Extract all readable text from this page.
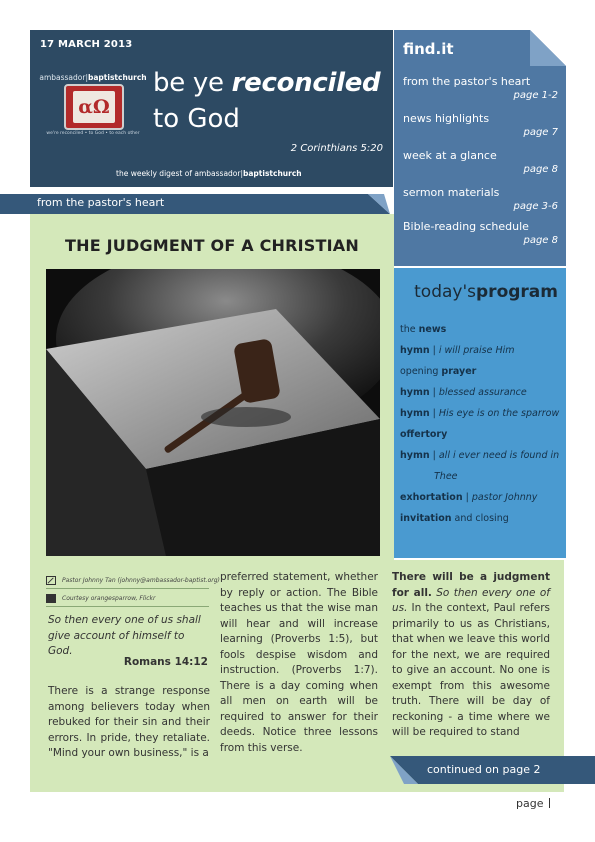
17 MARCH 2013
ambassador|baptistchurch
αΩ
we're reconciled • to God • to each other
be ye reconciled
to God
2 Corinthians 5:20
the weekly digest of ambassador|baptistchurch
find.it
from the pastor's heart
page 1-2
news highlights
page 7
week at a glance
page 8
sermon materials
page 3-6
Bible-reading schedule
page 8
from the pastor's heart
THE JUDGMENT OF A CHRISTIAN
today'sprogram
the news
hymn | i will praise Him
opening prayer
hymn | blessed assurance
hymn | His eye is on the sparrow
offertory
hymn | all i ever need is found in
Thee
exhortation | pastor Johnny
invitation and closing
Pastor Johnny Tan (johnny@ambassador-baptist.org)
Courtesy orangesparrow, Flickr
So then every one of us shall give account of himself to God.
Romans 14:12
There is a strange response among believers today when rebuked for their sin and their errors. In pride, they retaliate. "Mind your own business," is a
preferred statement, whether by reply or action. The Bible teaches us that the wise man will hear and will increase learning (Proverbs 1:5), but fools despise wisdom and instruction. (Proverbs 1:7). There is a day coming when all men on earth will be required to answer for their deeds. Notice three lessons from this verse.
There will be a judgment for all. So then every one of us. In the context, Paul refers primarily to us as Christians, that when we leave this world for the next, we are required to give an account. No one is exempt from this awesome truth. There will be day of reckoning - a time where we will be required to stand
continued on page 2
page
